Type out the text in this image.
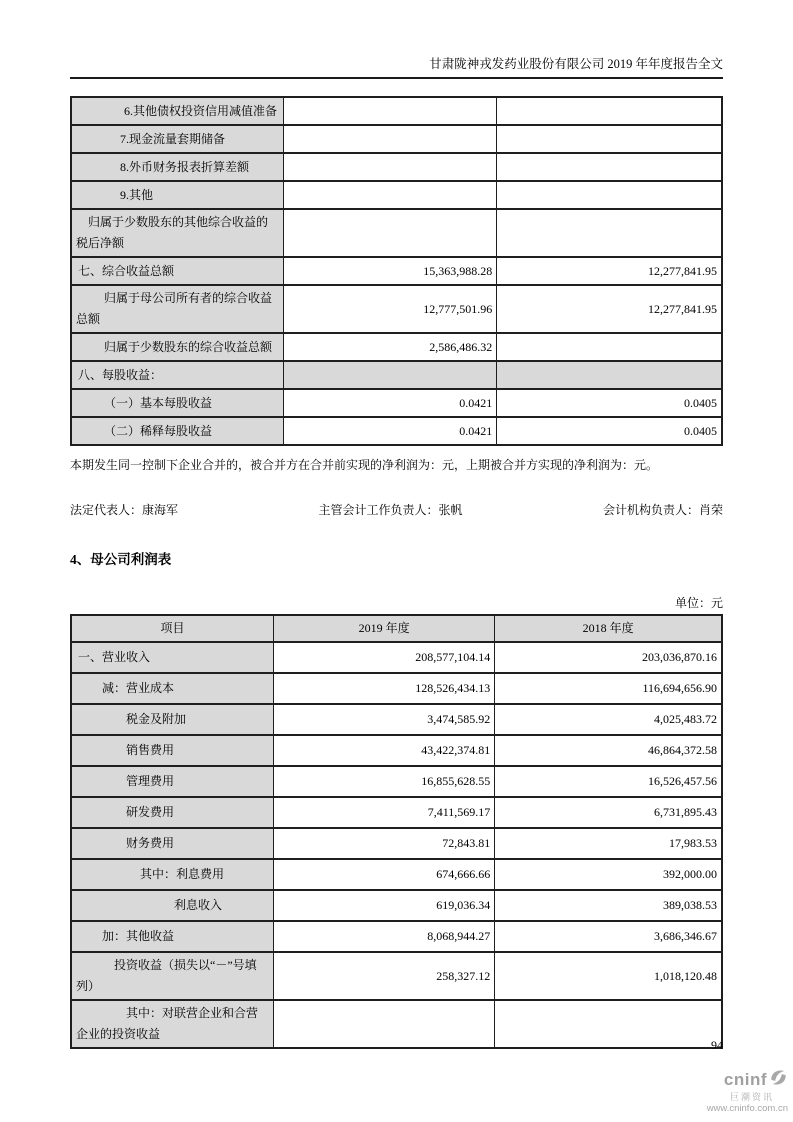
甘肃陇神戎发药业股份有限公司 2019 年年度报告全文
6.其他债权投资信用减值准备		
7.现金流量套期储备		
8.外币财务报表折算差额		
9.其他		
归属于少数股东的其他综合收益的税后净额		
七、综合收益总额	15,363,988.28	12,277,841.95
归属于母公司所有者的综合收益总额	12,777,501.96	12,277,841.95
归属于少数股东的综合收益总额	2,586,486.32	
八、每股收益：		
（一）基本每股收益	0.0421	0.0405
（二）稀释每股收益	0.0421	0.0405
本期发生同一控制下企业合并的，被合并方在合并前实现的净利润为：元，上期被合并方实现的净利润为：元。
法定代表人：康海军	主管会计工作负责人：张帆	会计机构负责人：肖荣
4、母公司利润表
单位：元
项目	2019 年度	2018 年度
一、营业收入	208,577,104.14	203,036,870.16
减：营业成本	128,526,434.13	116,694,656.90
税金及附加	3,474,585.92	4,025,483.72
销售费用	43,422,374.81	46,864,372.58
管理费用	16,855,628.55	16,526,457.56
研发费用	7,411,569.17	6,731,895.43
财务费用	72,843.81	17,983.53
其中：利息费用	674,666.66	392,000.00
利息收入	619,036.34	389,038.53
加：其他收益	8,068,944.27	3,686,346.67
投资收益（损失以“－”号填列）	258,327.12	1,018,120.48
其中：对联营企业和合营企业的投资收益		
94
cninf
巨潮资讯
www.cninfo.com.cn
